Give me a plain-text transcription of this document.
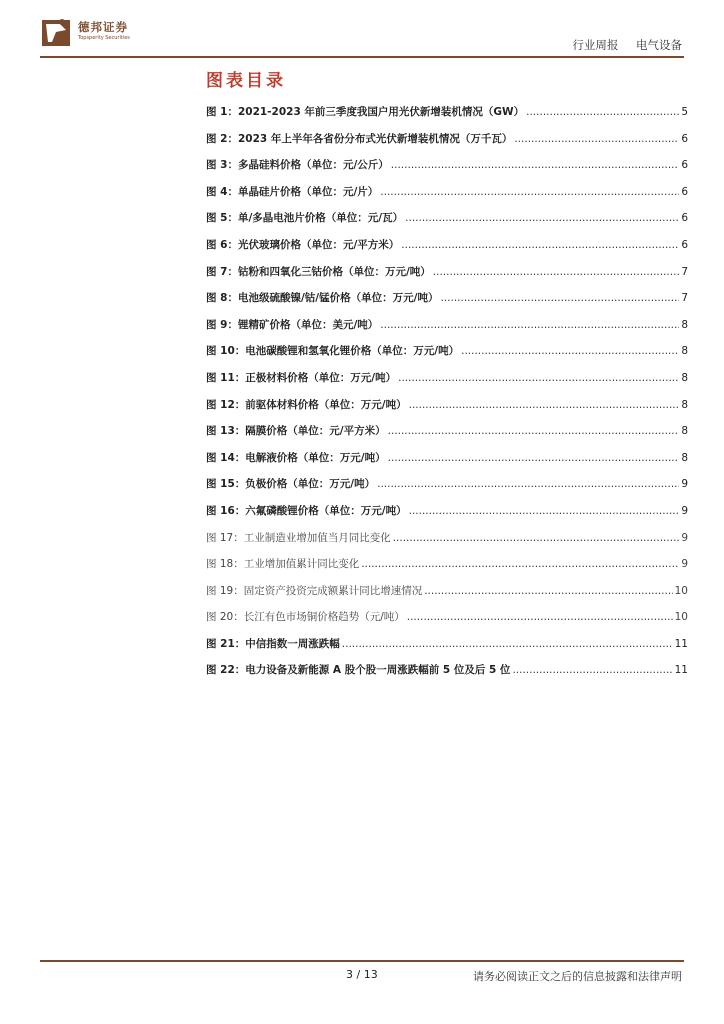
德邦证券
Topsperity Securities	行业周报 电气设备
图表目录
图 1：2021-2023 年前三季度我国户用光伏新增装机情况（GW） .....	5
图 2：2023 年上半年各省份分布式光伏新增装机情况（万千瓦） .....	6
图 3：多晶硅料价格（单位：元/公斤） .....	6
图 4：单晶硅片价格（单位：元/片） .....	6
图 5：单/多晶电池片价格（单位：元/瓦） .....	6
图 6：光伏玻璃价格（单位：元/平方米） .....	6
图 7：钴粉和四氧化三钴价格（单位：万元/吨） .....	7
图 8：电池级硫酸镍/钴/锰价格（单位：万元/吨） .....	7
图 9：锂精矿价格（单位：美元/吨） .....	8
图 10：电池碳酸锂和氢氧化锂价格（单位：万元/吨） .....	8
图 11：正极材料价格（单位：万元/吨） .....	8
图 12：前驱体材料价格（单位：万元/吨） .....	8
图 13：隔膜价格（单位：元/平方米） .....	8
图 14：电解液价格（单位：万元/吨） .....	8
图 15：负极价格（单位：万元/吨） .....	9
图 16：六氟磷酸锂价格（单位：万元/吨） .....	9
图 17：工业制造业增加值当月同比变化 .....	9
图 18：工业增加值累计同比变化 .....	9
图 19：固定资产投资完成额累计同比增速情况 .....	10
图 20：长江有色市场铜价格趋势（元/吨） .....	10
图 21：中信指数一周涨跌幅 .....	11
图 22：电力设备及新能源 A 股个股一周涨跌幅前 5 位及后 5 位 .....	11
3 / 13	请务必阅读正文之后的信息披露和法律声明
